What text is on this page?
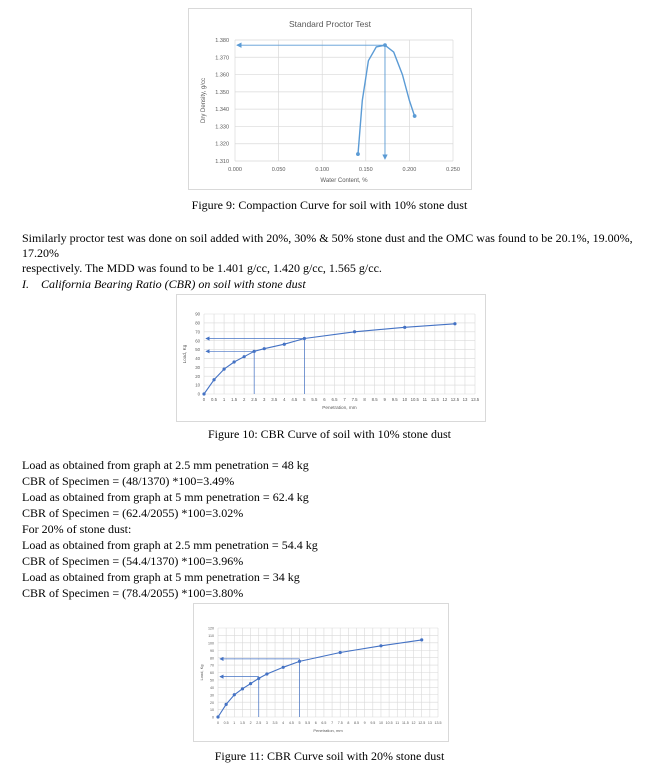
Standard Proctor Test
1.310
1.320
1.330
1.340
1.350
1.360
1.370
1.380
0.000	0.050	0.100	0.150	0.200	0.250
Water Content, %
Dry Density, g/cc
Figure 9: Compaction Curve for soil with 10% stone dust
Similarly proctor test was done on soil added with 20%, 30% & 50% stone dust and the OMC was found to be 20.1%, 19.00%, 17.20%
respectively. The MDD was found to be 1.401 g/cc, 1.420 g/cc, 1.565 g/cc.
I.    California Bearing Ratio (CBR) on soil with stone dust
0
10
20
30
40
50
60
70
80
90
0 0.5 1 1.5 2 2.5 3 3.5 4 4.5 5 5.5 6 6.5 7 7.5 8 8.5 9 9.5 10 10.5 11 11.5 12 12.5 13 13.5
Penetration, mm
Load, Kg
Figure 10: CBR Curve of soil with 10% stone dust
Load as obtained from graph at 2.5 mm penetration = 48 kg
CBR of Specimen = (48/1370) *100=3.49%
Load as obtained from graph at 5 mm penetration = 62.4 kg
CBR of Specimen = (62.4/2055) *100=3.02%
For 20% of stone dust:
Load as obtained from graph at 2.5 mm penetration = 54.4 kg
CBR of Specimen = (54.4/1370) *100=3.96%
Load as obtained from graph at 5 mm penetration = 34 kg
CBR of Specimen = (78.4/2055) *100=3.80%
0
10
20
30
40
50
60
70
80
90
100
110
120
0 0.5 1 1.5 2 2.5 3 3.5 4 4.5 5 5.5 6 6.5 7 7.5 8 8.5 9 9.5 10 10.5 11 11.5 12 12.5 13 13.5
Penetration, mm
Load, Kg
Figure 11: CBR Curve soil with 20% stone dust
